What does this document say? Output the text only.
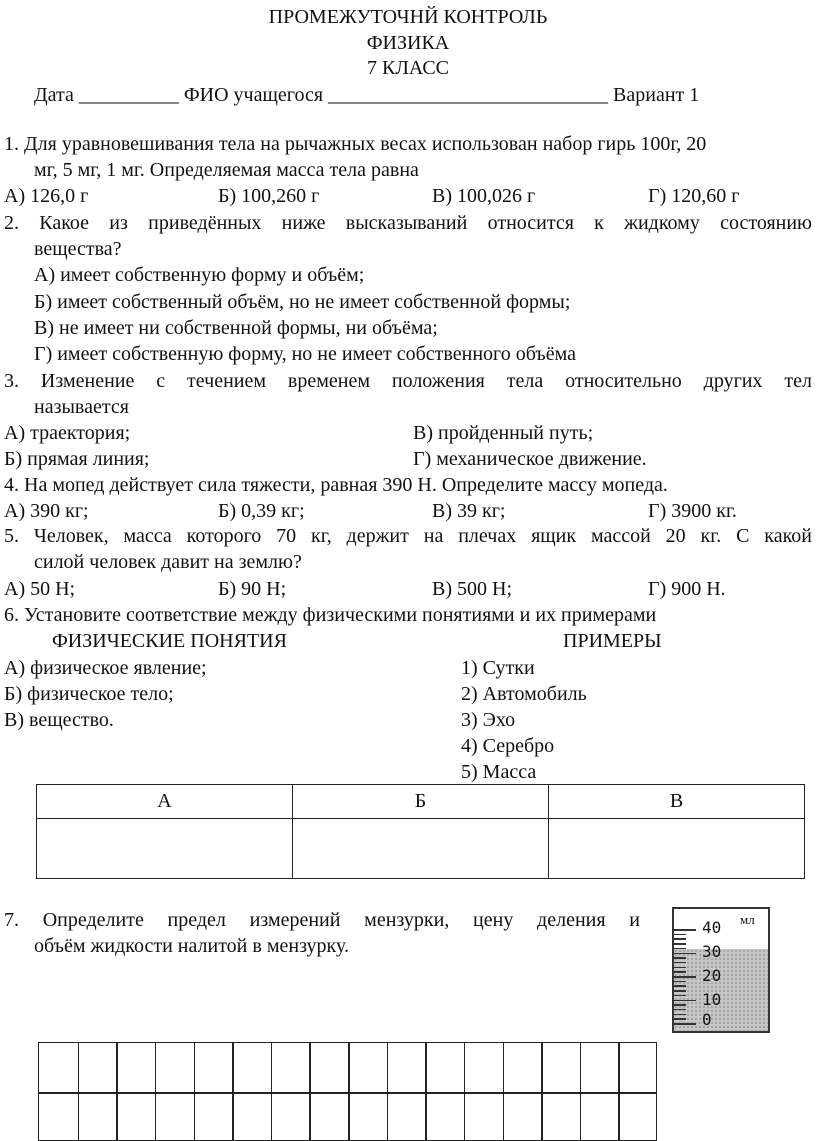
ПРОМЕЖУТОЧНЙ КОНТРОЛЬ
ФИЗИКА
7 КЛАСС
Дата __________ ФИО учащегося ____________________________ Вариант 1
1. Для уравновешивания тела на рычажных весах использован набор гирь 100г, 20
мг, 5 мг, 1 мг. Определяемая масса тела равна
А) 126,0 г	Б) 100,260 г	В) 100,026 г	Г) 120,60 г
2. Какое из приведённых ниже высказываний относится к жидкому состоянию
вещества?
А) имеет собственную форму и объём;
Б) имеет собственный объём, но не имеет собственной формы;
В) не имеет ни собственной формы, ни объёма;
Г) имеет собственную форму, но не имеет собственного объёма
3. Изменение с течением временем положения тела относительно других тел
называется
А) траектория;	В) пройденный путь;
Б) прямая линия;	Г) механическое движение.
4. На мопед действует сила тяжести, равная 390 Н. Определите массу мопеда.
А) 390 кг;	Б) 0,39 кг;	В) 39 кг;	Г) 3900 кг.
5. Человек, масса которого 70 кг, держит на плечах ящик массой 20 кг. С какой
силой человек давит на землю?
А) 50 Н;	Б) 90 Н;	В) 500 Н;	Г) 900 Н.
6. Установите соответствие между физическими понятиями и их примерами
ФИЗИЧЕСКИЕ ПОНЯТИЯ	ПРИМЕРЫ
А) физическое явление;
Б) физическое тело;
В) вещество.
1) Сутки
2) Автомобиль
3) Эхо
4) Серебро
5) Масса
А	Б	В

7. Определите предел измерений мензурки, цену деления и
объём жидкости налитой в мензурку.
40
30
20
10
0
мл
